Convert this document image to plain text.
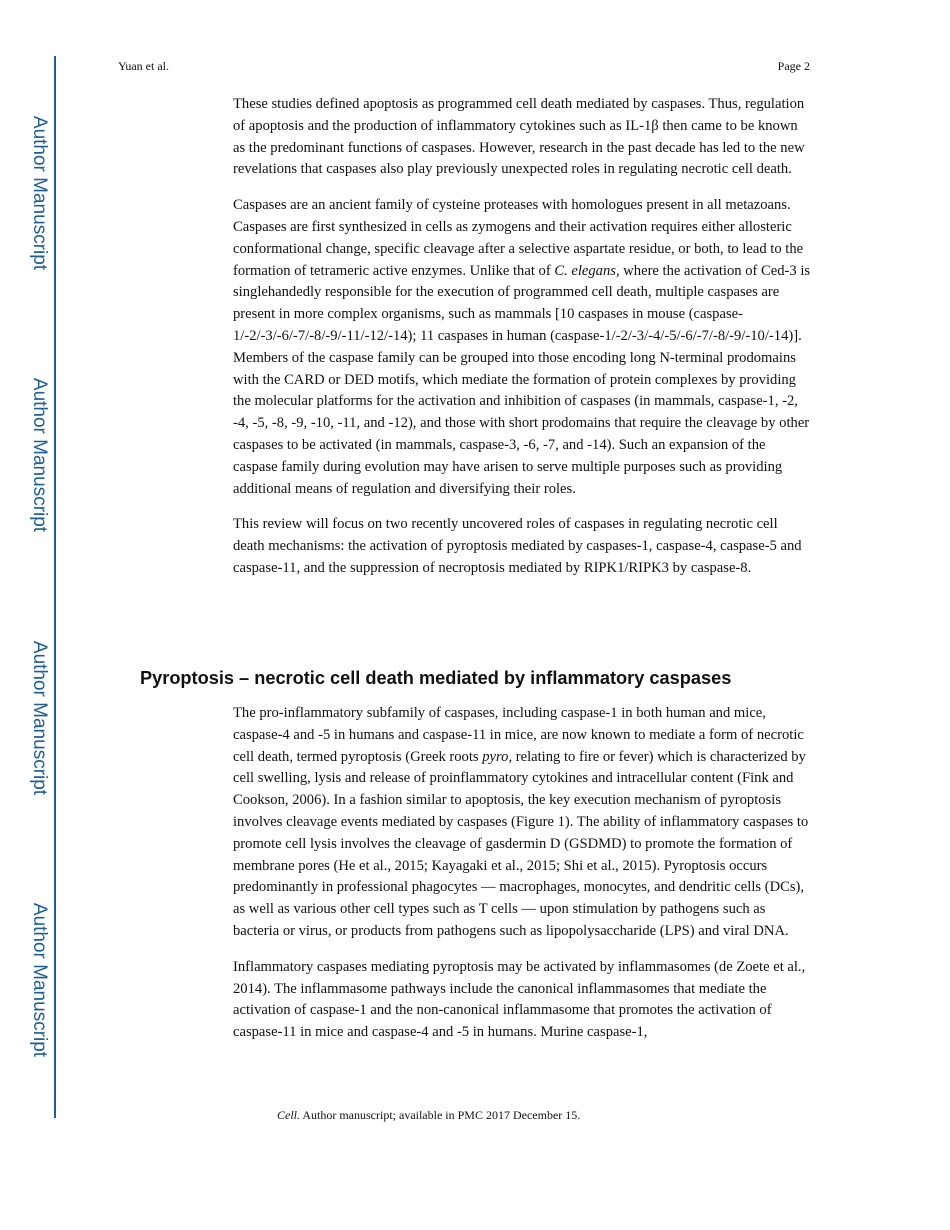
Author Manuscript
Author Manuscript
Author Manuscript
Author Manuscript
Yuan et al.	Page 2

These studies defined apoptosis as programmed cell death mediated by caspases. Thus, regulation of apoptosis and the production of inflammatory cytokines such as IL-1β then came to be known as the predominant functions of caspases. However, research in the past decade has led to the new revelations that caspases also play previously unexpected roles in regulating necrotic cell death.

Caspases are an ancient family of cysteine proteases with homologues present in all metazoans. Caspases are first synthesized in cells as zymogens and their activation requires either allosteric conformational change, specific cleavage after a selective aspartate residue, or both, to lead to the formation of tetrameric active enzymes. Unlike that of C. elegans, where the activation of Ced-3 is singlehandedly responsible for the execution of programmed cell death, multiple caspases are present in more complex organisms, such as mammals [10 caspases in mouse (caspase-1/-2/-3/-6/-7/-8/-9/-11/-12/-14); 11 caspases in human (caspase-1/-2/-3/-4/-5/-6/-7/-8/-9/-10/-14)]. Members of the caspase family can be grouped into those encoding long N-terminal prodomains with the CARD or DED motifs, which mediate the formation of protein complexes by providing the molecular platforms for the activation and inhibition of caspases (in mammals, caspase-1, -2, -4, -5, -8, -9, -10, -11, and -12), and those with short prodomains that require the cleavage by other caspases to be activated (in mammals, caspase-3, -6, -7, and -14). Such an expansion of the caspase family during evolution may have arisen to serve multiple purposes such as providing additional means of regulation and diversifying their roles.

This review will focus on two recently uncovered roles of caspases in regulating necrotic cell death mechanisms: the activation of pyroptosis mediated by caspases-1, caspase-4, caspase-5 and caspase-11, and the suppression of necroptosis mediated by RIPK1/RIPK3 by caspase-8.

Pyroptosis – necrotic cell death mediated by inflammatory caspases

The pro-inflammatory subfamily of caspases, including caspase-1 in both human and mice, caspase-4 and -5 in humans and caspase-11 in mice, are now known to mediate a form of necrotic cell death, termed pyroptosis (Greek roots pyro, relating to fire or fever) which is characterized by cell swelling, lysis and release of proinflammatory cytokines and intracellular content (Fink and Cookson, 2006). In a fashion similar to apoptosis, the key execution mechanism of pyroptosis involves cleavage events mediated by caspases (Figure 1). The ability of inflammatory caspases to promote cell lysis involves the cleavage of gasdermin D (GSDMD) to promote the formation of membrane pores (He et al., 2015; Kayagaki et al., 2015; Shi et al., 2015). Pyroptosis occurs predominantly in professional phagocytes — macrophages, monocytes, and dendritic cells (DCs), as well as various other cell types such as T cells — upon stimulation by pathogens such as bacteria or virus, or products from pathogens such as lipopolysaccharide (LPS) and viral DNA.

Inflammatory caspases mediating pyroptosis may be activated by inflammasomes (de Zoete et al., 2014). The inflammasome pathways include the canonical inflammasomes that mediate the activation of caspase-1 and the non-canonical inflammasome that promotes the activation of caspase-11 in mice and caspase-4 and -5 in humans. Murine caspase-1,

Cell. Author manuscript; available in PMC 2017 December 15.
